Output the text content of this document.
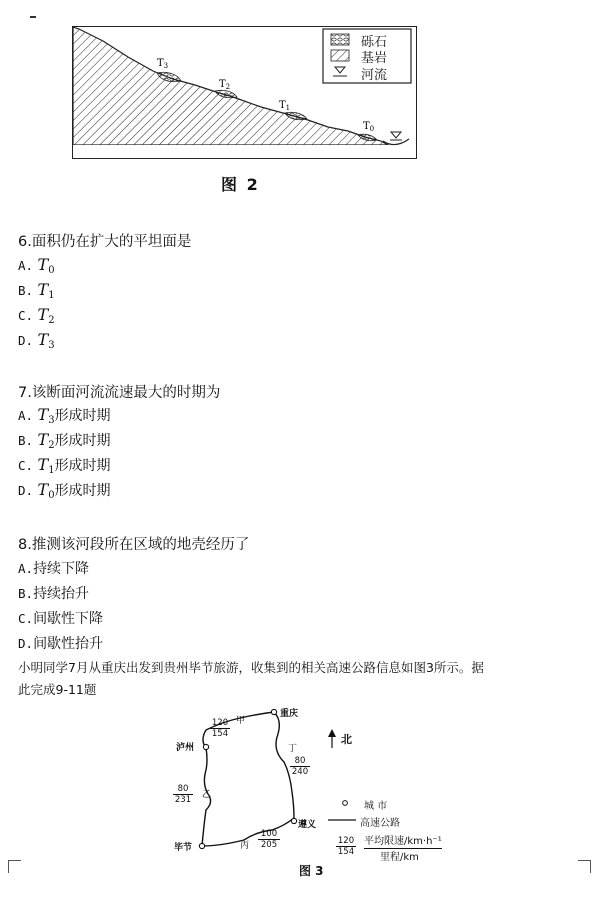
$T_3$
$T_2$
$T_1$
$T_0$
砾石
基岩
河流
图 2
6.面积仍在扩大的平坦面是
A. $T_0$
B. $T_1$
C. $T_2$
D. $T_3$
7.该断面河流流速最大的时期为
A. $T_3$形成时期
B. $T_2$形成时期
C. $T_1$形成时期
D. $T_0$形成时期
8.推测该河段所在区域的地壳经历了
A.持续下降
B.持续抬升
C.间歇性下降
D.间歇性抬升
小明同学7月从重庆出发到贵州毕节旅游，收集到的相关高速公路信息如图3所示。据
此完成9-11题
重庆
泸州
遵义
毕节
甲
乙
丙
丁
$\frac{120}{154}$
$\frac{80}{240}$
$\frac{80}{231}$
$\frac{100}{205}$
北
城 市
高速公路
$\frac{120}{154}$ 平均限速/km·h⁻¹
里程/km
图 3
